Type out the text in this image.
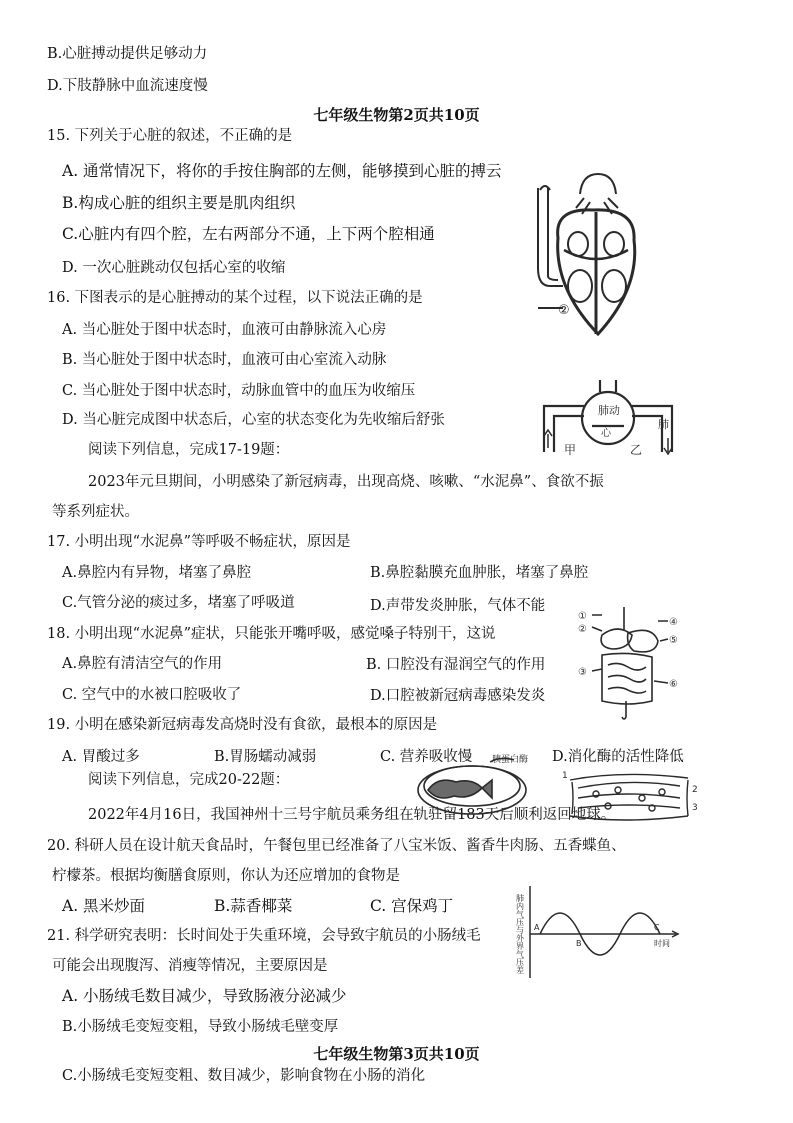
B.心脏搏动提供足够动力
D.下肢静脉中血流速度慢
七年级生物第2页共10页
15. 下列关于心脏的叙述，不正确的是
A. 通常情况下，将你的手按住胸部的左侧，能够摸到心脏的搏云
B.构成心脏的组织主要是肌肉组织
C.心脏内有四个腔，左右两部分不通，上下两个腔相通
D. 一次心脏跳动仅包括心室的收缩
16. 下图表示的是心脏搏动的某个过程，以下说法正确的是
A. 当心脏处于图中状态时，血液可由静脉流入心房
B. 当心脏处于图中状态时，血液可由心室流入动脉
C. 当心脏处于图中状态时，动脉血管中的血压为收缩压
D. 当心脏完成图中状态后，心室的状态变化为先收缩后舒张
阅读下列信息，完成17-19题：
2023年元旦期间，小明感染了新冠病毒，出现高烧、咳嗽、“水泥鼻”、食欲不振
等系列症状。
17. 小明出现“水泥鼻”等呼吸不畅症状，原因是
A.鼻腔内有异物，堵塞了鼻腔	B.鼻腔黏膜充血肿胀，堵塞了鼻腔
C.气管分泌的痰过多，堵塞了呼吸道	D.声带发炎肿胀，气体不能
18. 小明出现“水泥鼻”症状，只能张开嘴呼吸，感觉嗓子特别干，这说
A.鼻腔有清洁空气的作用	B. 口腔没有湿润空气的作用
C. 空气中的水被口腔吸收了	D.口腔被新冠病毒感染发炎
19. 小明在感染新冠病毒发高烧时没有食欲，最根本的原因是
A. 胃酸过多	B.胃肠蠕动减弱	C. 营养吸收慢	D.消化酶的活性降低
阅读下列信息，完成20-22题：
2022年4月16日，我国神州十三号宇航员乘务组在轨驻留183天后顺利返回地球。
20. 科研人员在设计航天食品时，午餐包里已经准备了八宝米饭、酱香牛肉肠、五香蝶鱼、
柠檬茶。根据均衡膳食原则，你认为还应增加的食物是
A. 黑米炒面	B.蒜香椰菜	C. 宫保鸡丁
21. 科学研究表明：长时间处于失重环境，会导致宇航员的小肠绒毛
可能会出现腹泻、消瘦等情况，主要原因是
A. 小肠绒毛数目减少，导致肠液分泌减少
B.小肠绒毛变短变粗，导致小肠绒毛壁变厚
七年级生物第3页共10页
C.小肠绒毛变短变粗、数目减少，影响食物在小肠的消化
②
肺动
心
甲	乙
肺
①
②
③
④
⑤
⑥
胰蛋白酶
1
2
3
肺内气压与外界气压差	时间
A
B
C
